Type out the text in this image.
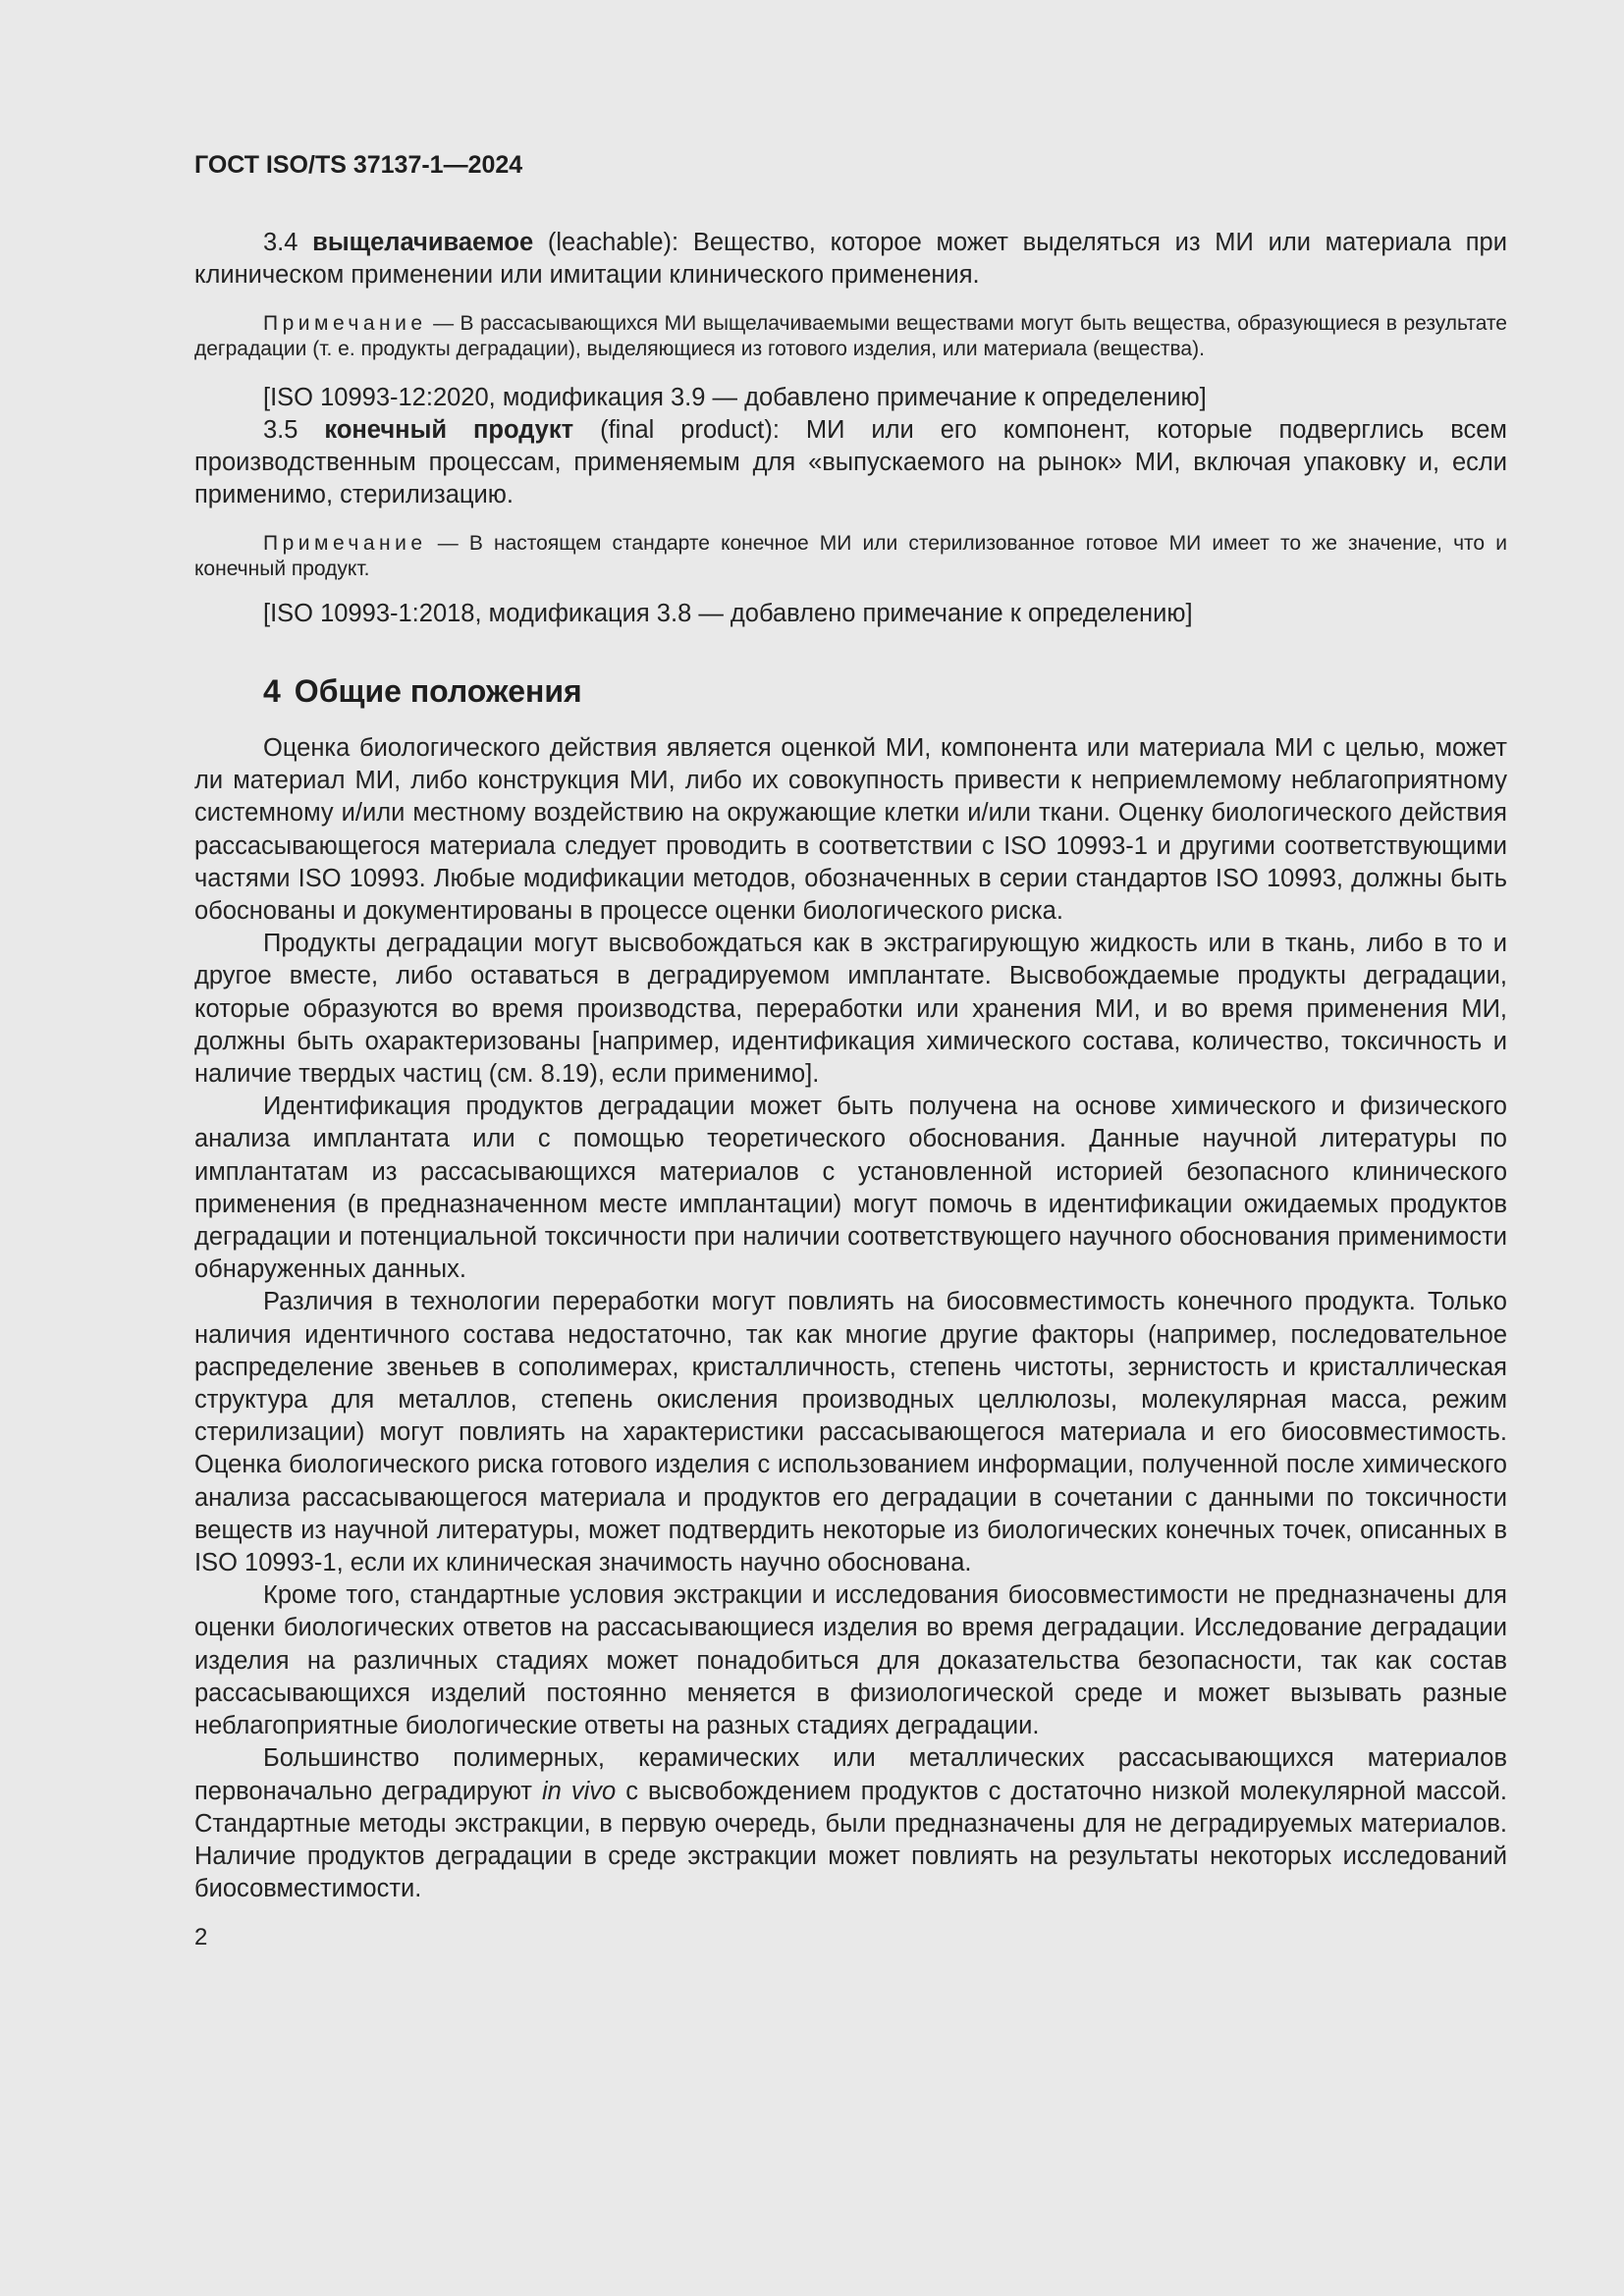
ГОСТ ISO/TS 37137-1—2024

3.4 выщелачиваемое (leachable): Вещество, которое может выделяться из МИ или материала при клиническом применении или имитации клинического применения.

Примечание — В рассасывающихся МИ выщелачиваемыми веществами могут быть вещества, образующиеся в результате деградации (т. е. продукты деградации), выделяющиеся из готового изделия, или материала (вещества).

[ISO 10993-12:2020, модификация 3.9 — добавлено примечание к определению]

3.5 конечный продукт (final product): МИ или его компонент, которые подверглись всем производственным процессам, применяемым для «выпускаемого на рынок» МИ, включая упаковку и, если применимо, стерилизацию.

Примечание — В настоящем стандарте конечное МИ или стерилизованное готовое МИ имеет то же значение, что и конечный продукт.

[ISO 10993-1:2018, модификация 3.8 — добавлено примечание к определению]

4 Общие положения

Оценка биологического действия является оценкой МИ, компонента или материала МИ с целью, может ли материал МИ, либо конструкция МИ, либо их совокупность привести к неприемлемому неблагоприятному системному и/или местному воздействию на окружающие клетки и/или ткани. Оценку биологического действия рассасывающегося материала следует проводить в соответствии с ISO 10993-1 и другими соответствующими частями ISO 10993. Любые модификации методов, обозначенных в серии стандартов ISO 10993, должны быть обоснованы и документированы в процессе оценки биологического риска.

Продукты деградации могут высвобождаться как в экстрагирующую жидкость или в ткань, либо в то и другое вместе, либо оставаться в деградируемом имплантате. Высвобождаемые продукты деградации, которые образуются во время производства, переработки или хранения МИ, и во время применения МИ, должны быть охарактеризованы [например, идентификация химического состава, количество, токсичность и наличие твердых частиц (см. 8.19), если применимо].

Идентификация продуктов деградации может быть получена на основе химического и физического анализа имплантата или с помощью теоретического обоснования. Данные научной литературы по имплантатам из рассасывающихся материалов с установленной историей безопасного клинического применения (в предназначенном месте имплантации) могут помочь в идентификации ожидаемых продуктов деградации и потенциальной токсичности при наличии соответствующего научного обоснования применимости обнаруженных данных.

Различия в технологии переработки могут повлиять на биосовместимость конечного продукта. Только наличия идентичного состава недостаточно, так как многие другие факторы (например, последовательное распределение звеньев в сополимерах, кристалличность, степень чистоты, зернистость и кристаллическая структура для металлов, степень окисления производных целлюлозы, молекулярная масса, режим стерилизации) могут повлиять на характеристики рассасывающегося материала и его биосовместимость. Оценка биологического риска готового изделия с использованием информации, полученной после химического анализа рассасывающегося материала и продуктов его деградации в сочетании с данными по токсичности веществ из научной литературы, может подтвердить некоторые из биологических конечных точек, описанных в ISO 10993-1, если их клиническая значимость научно обоснована.

Кроме того, стандартные условия экстракции и исследования биосовместимости не предназначены для оценки биологических ответов на рассасывающиеся изделия во время деградации. Исследование деградации изделия на различных стадиях может понадобиться для доказательства безопасности, так как состав рассасывающихся изделий постоянно меняется в физиологической среде и может вызывать разные неблагоприятные биологические ответы на разных стадиях деградации.

Большинство полимерных, керамических или металлических рассасывающихся материалов первоначально деградируют in vivo с высвобождением продуктов с достаточно низкой молекулярной массой. Стандартные методы экстракции, в первую очередь, были предназначены для не деградируемых материалов. Наличие продуктов деградации в среде экстракции может повлиять на результаты некоторых исследований биосовместимости.

2
